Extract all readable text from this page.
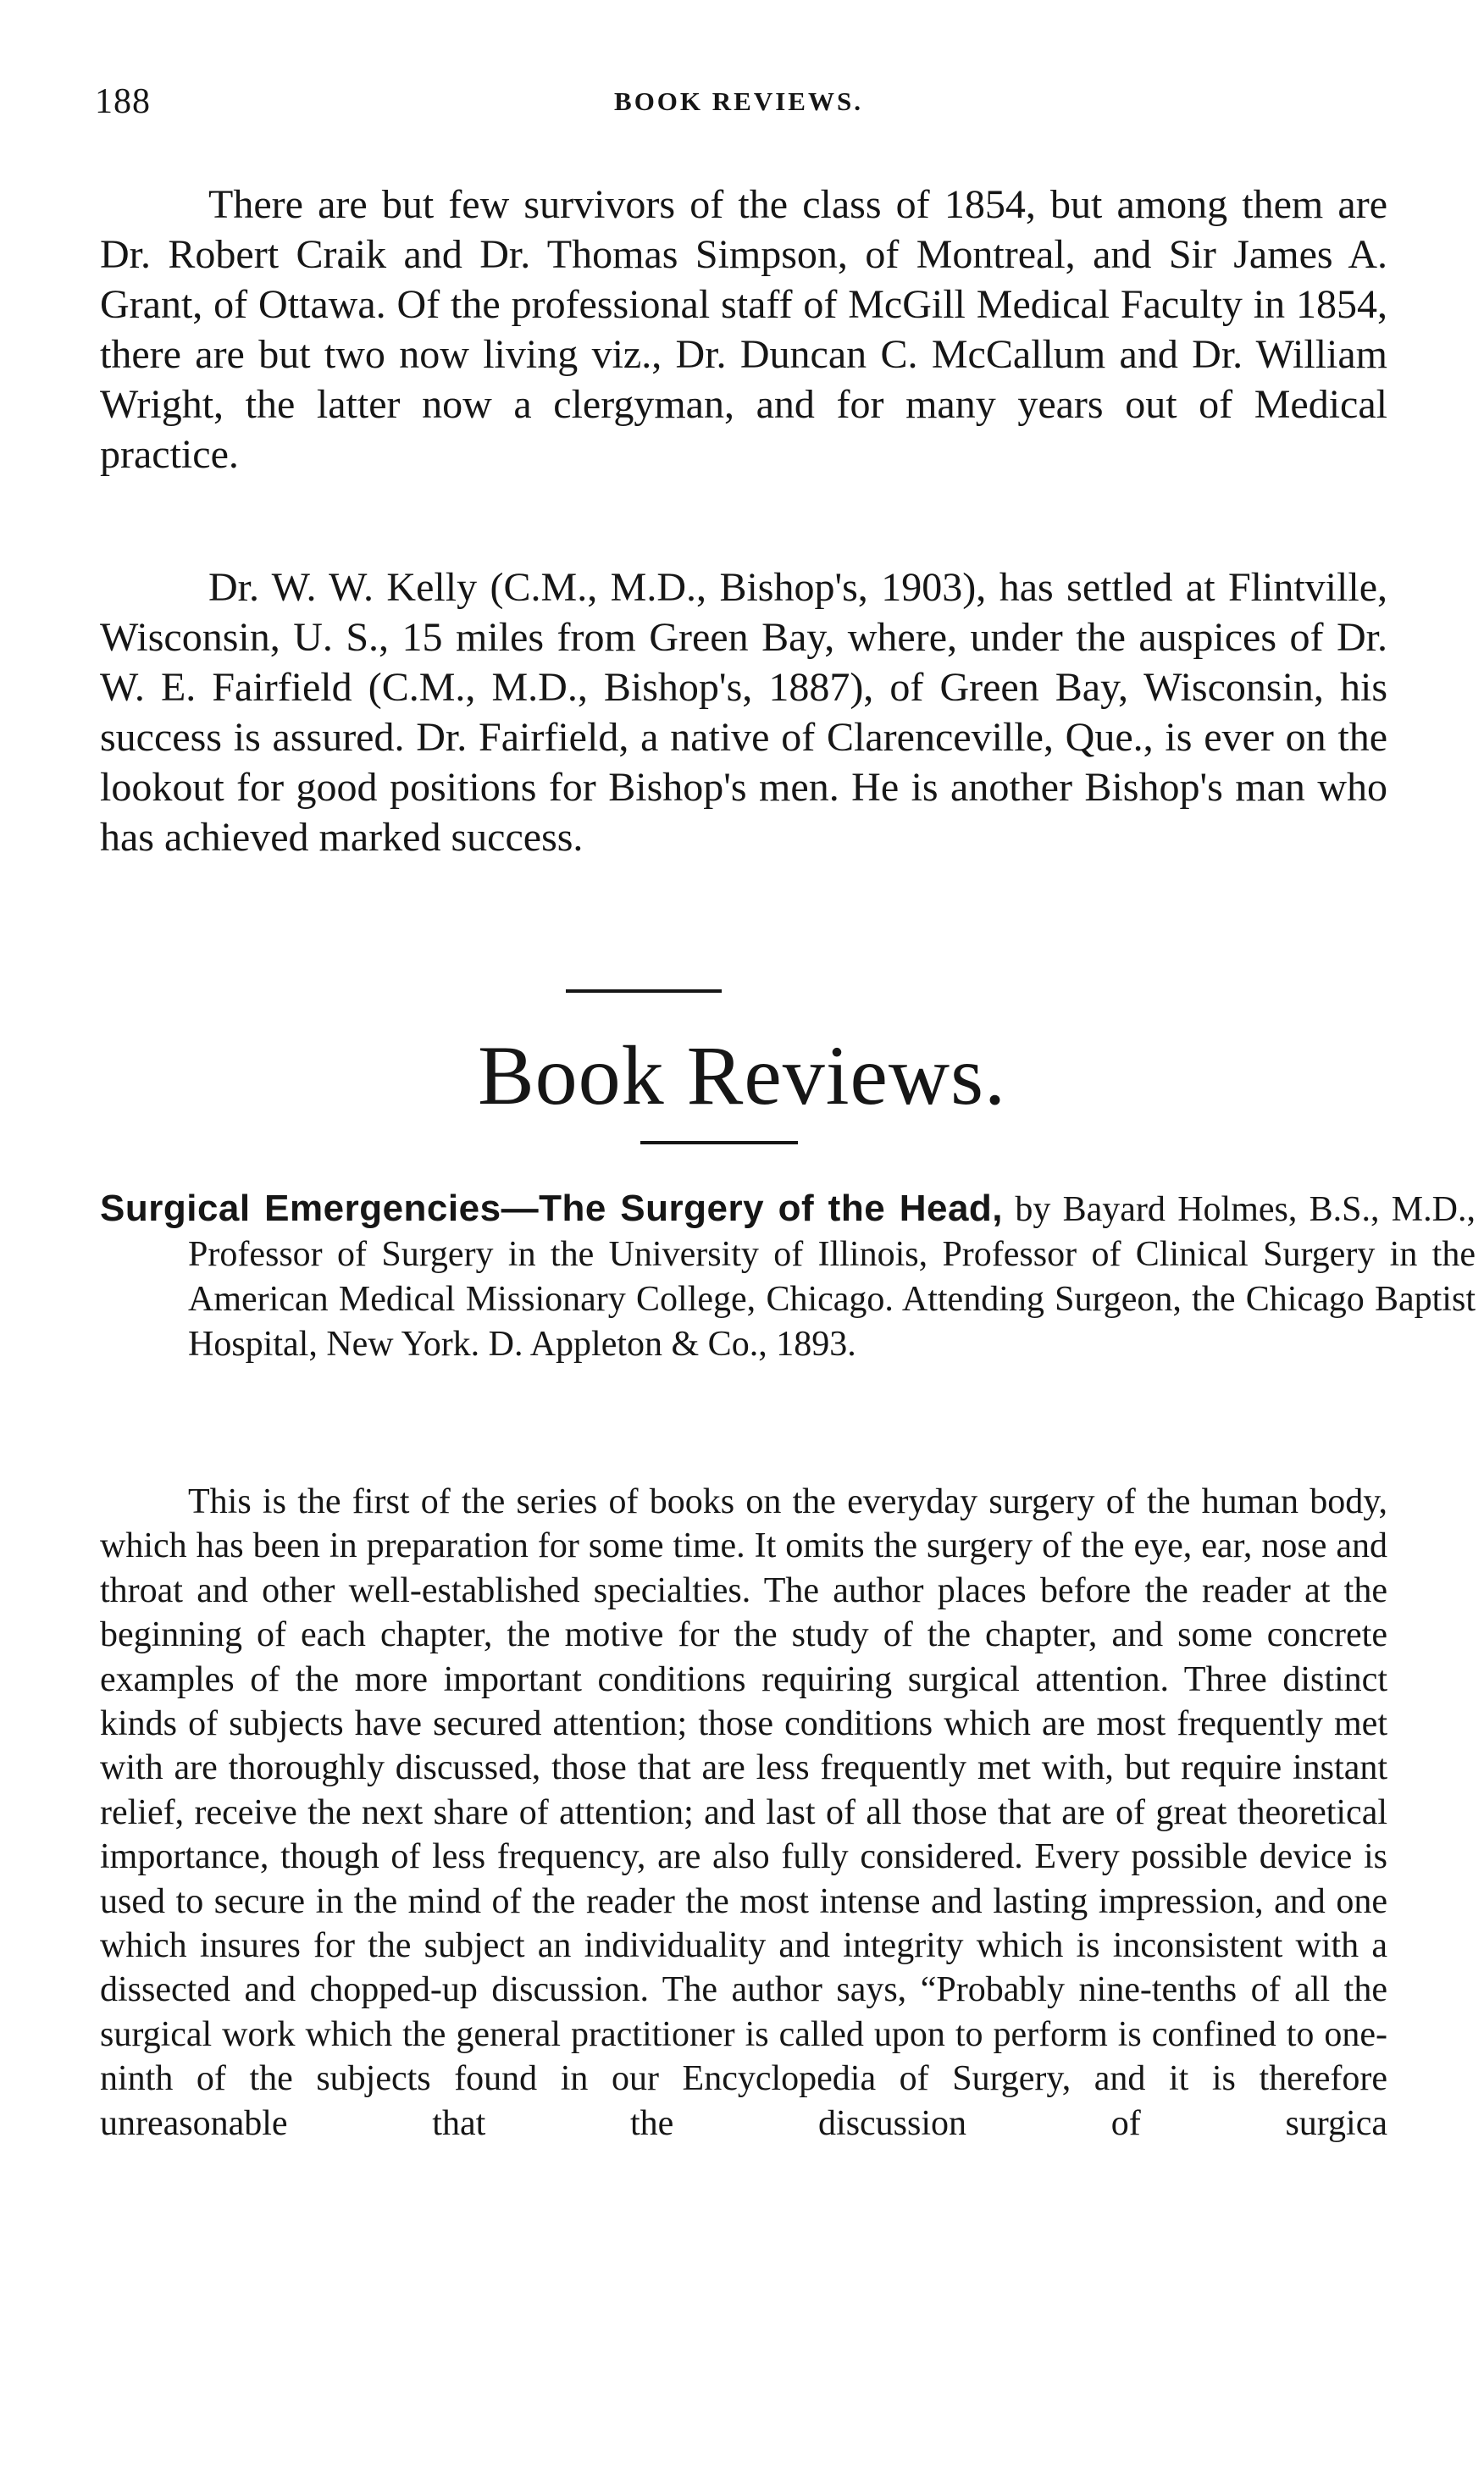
188	BOOK REVIEWS.

There are but few survivors of the class of 1854, but among them are Dr. Robert Craik and Dr. Thomas Simpson, of Montreal, and Sir James A. Grant, of Ottawa. Of the professional staff of McGill Medical Faculty in 1854, there are but two now living viz., Dr. Duncan C. McCallum and Dr. William Wright, the latter now a clergyman, and for many years out of Medical practice.

Dr. W. W. Kelly (C.M., M.D., Bishop's, 1903), has settled at Flintville, Wisconsin, U. S., 15 miles from Green Bay, where, under the auspices of Dr. W. E. Fairfield (C.M., M.D., Bishop's, 1887), of Green Bay, Wisconsin, his success is assured. Dr. Fairfield, a native of Clarenceville, Que., is ever on the lookout for good positions for Bishop's men. He is another Bishop's man who has achieved marked success.

Book Reviews.

Surgical Emergencies—The Surgery of the Head, by Bayard Holmes, B.S., M.D., Professor of Surgery in the University of Illinois, Professor of Clinical Surgery in the American Medical Missionary College, Chicago. Attending Surgeon, the Chicago Baptist Hospital, New York. D. Appleton & Co., 1893.

This is the first of the series of books on the everyday surgery of the human body, which has been in preparation for some time. It omits the surgery of the eye, ear, nose and throat and other well-established specialties. The author places before the reader at the beginning of each chapter, the motive for the study of the chapter, and some concrete examples of the more important conditions requiring surgical attention. Three distinct kinds of subjects have secured attention; those conditions which are most frequently met with are thoroughly discussed, those that are less frequently met with, but require instant relief, receive the next share of attention; and last of all those that are of great theoretical importance, though of less frequency, are also fully considered. Every possible device is used to secure in the mind of the reader the most intense and lasting impression, and one which insures for the subject an individuality and integrity which is inconsistent with a dissected and chopped-up discussion. The author says, “Probably nine-tenths of all the surgical work which the general practitioner is called upon to perform is confined to one-ninth of the subjects found in our Encyclopedia of Surgery, and it is therefore unreasonable that the discussion of surgica
